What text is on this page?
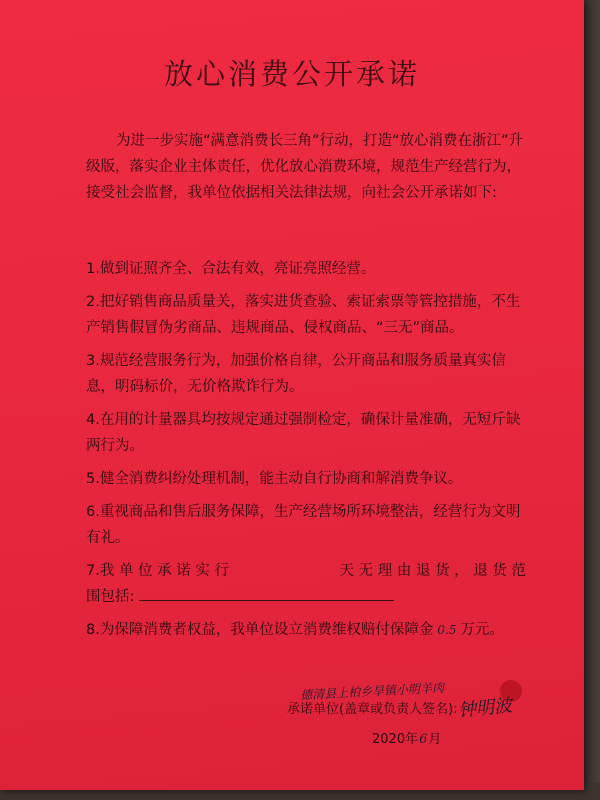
放心消费公开承诺

为进一步实施“满意消费长三角”行动，打造“放心消费在浙江”升级版，落实企业主体责任，优化放心消费环境，规范生产经营行为，接受社会监督，我单位依据相关法律法规，向社会公开承诺如下:

1.做到证照齐全、合法有效，亮证亮照经营。

2.把好销售商品质量关，落实进货查验、索证索票等管控措施，不生产销售假冒伪劣商品、违规商品、侵权商品、“三无”商品。

3.规范经营服务行为，加强价格自律，公开商品和服务质量真实信息，明码标价，无价格欺诈行为。

4.在用的计量器具均按规定通过强制检定，确保计量准确，无短斤缺两行为。

5.健全消费纠纷处理机制，能主动自行协商和解消费争议。

6.重视商品和售后服务保障，生产经营场所环境整洁，经营行为文明有礼。

7.我 单 位 承 诺 实 行	天 无 理 由 退 货 ， 退 货 范
围包括:

8.为保障消费者权益，我单位设立消费维权赔付保障金 0.5 万元。

德清县上柏乡旱镇小明羊肉
承诺单位(盖章或负责人签名): 钟明波
2020年6月
